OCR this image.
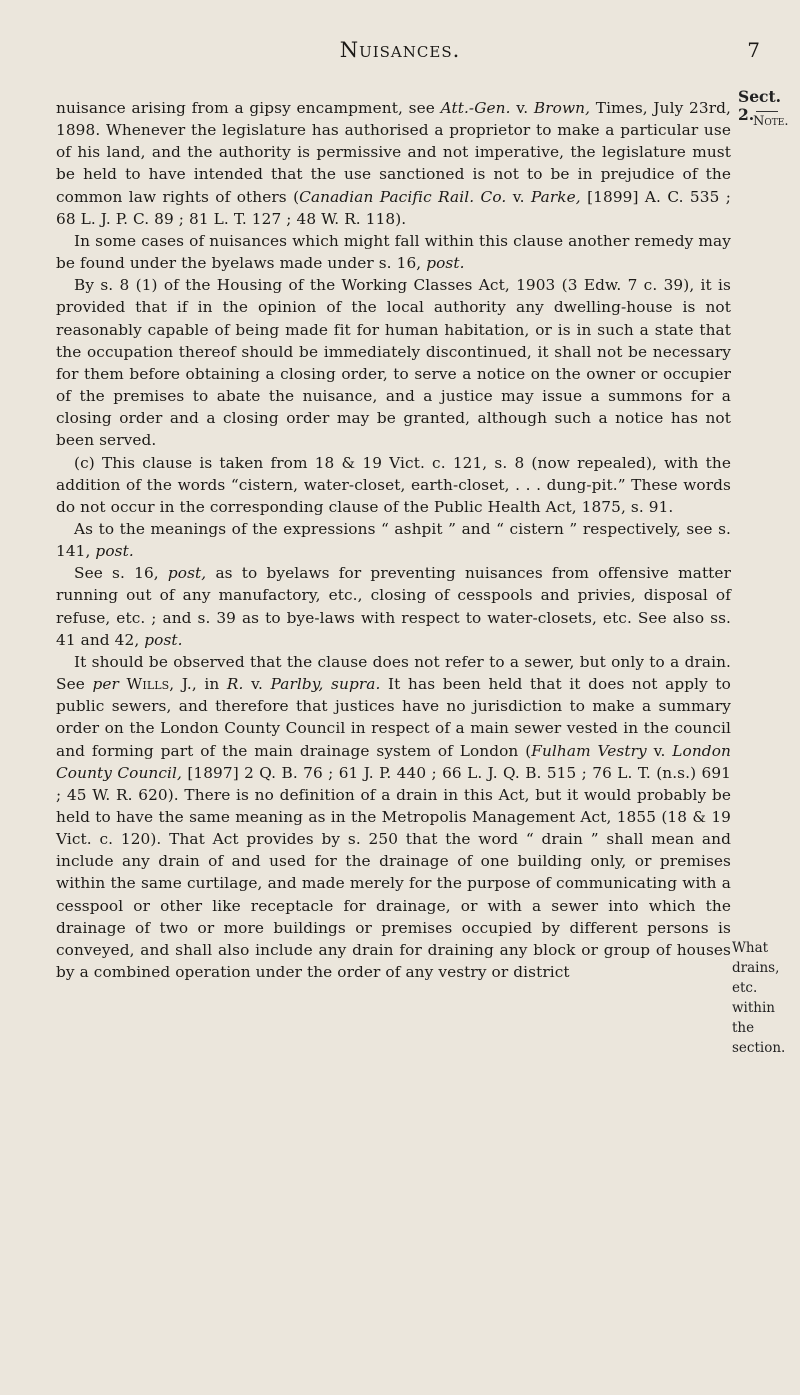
Nuisances.	7
Sect. 2.
Note.
What drains,
etc. within
the section.

nuisance arising from a gipsy encampment, see Att.-Gen. v. Brown, Times, July 23rd, 1898. Whenever the legislature has authorised a proprietor to make a particular use of his land, and the authority is permissive and not imperative, the legislature must be held to have intended that the use sanctioned is not to be in prejudice of the common law rights of others (Canadian Pacific Rail. Co. v. Parke, [1899] A. C. 535 ; 68 L. J. P. C. 89 ; 81 L. T. 127 ; 48 W. R. 118).

In some cases of nuisances which might fall within this clause another remedy may be found under the byelaws made under s. 16, post.

By s. 8 (1) of the Housing of the Working Classes Act, 1903 (3 Edw. 7 c. 39), it is provided that if in the opinion of the local authority any dwelling-house is not reasonably capable of being made fit for human habitation, or is in such a state that the occupation thereof should be immediately discontinued, it shall not be necessary for them before obtaining a closing order, to serve a notice on the owner or occupier of the premises to abate the nuisance, and a justice may issue a summons for a closing order and a closing order may be granted, although such a notice has not been served.

(c) This clause is taken from 18 & 19 Vict. c. 121, s. 8 (now repealed), with the addition of the words “cistern, water-closet, earth-closet, . . . dung-pit.” These words do not occur in the corresponding clause of the Public Health Act, 1875, s. 91.

As to the meanings of the expressions “ ashpit ” and “ cistern ” respectively, see s. 141, post.

See s. 16, post, as to byelaws for preventing nuisances from offensive matter running out of any manufactory, etc., closing of cesspools and privies, disposal of refuse, etc. ; and s. 39 as to bye-laws with respect to water-closets, etc. See also ss. 41 and 42, post.

It should be observed that the clause does not refer to a sewer, but only to a drain. See per Wills, J., in R. v. Parlby, supra. It has been held that it does not apply to public sewers, and therefore that justices have no jurisdiction to make a summary order on the London County Council in respect of a main sewer vested in the council and forming part of the main drainage system of London (Fulham Vestry v. London County Council, [1897] 2 Q. B. 76 ; 61 J. P. 440 ; 66 L. J. Q. B. 515 ; 76 L. T. (n.s.) 691 ; 45 W. R. 620). There is no definition of a drain in this Act, but it would probably be held to have the same meaning as in the Metropolis Management Act, 1855 (18 & 19 Vict. c. 120). That Act provides by s. 250 that the word “ drain ” shall mean and include any drain of and used for the drainage of one building only, or premises within the same curtilage, and made merely for the purpose of communicating with a cesspool or other like receptacle for drainage, or with a sewer into which the drainage of two or more buildings or premises occupied by different persons is conveyed, and shall also include any drain for draining any block or group of houses by a combined operation under the order of any vestry or district
